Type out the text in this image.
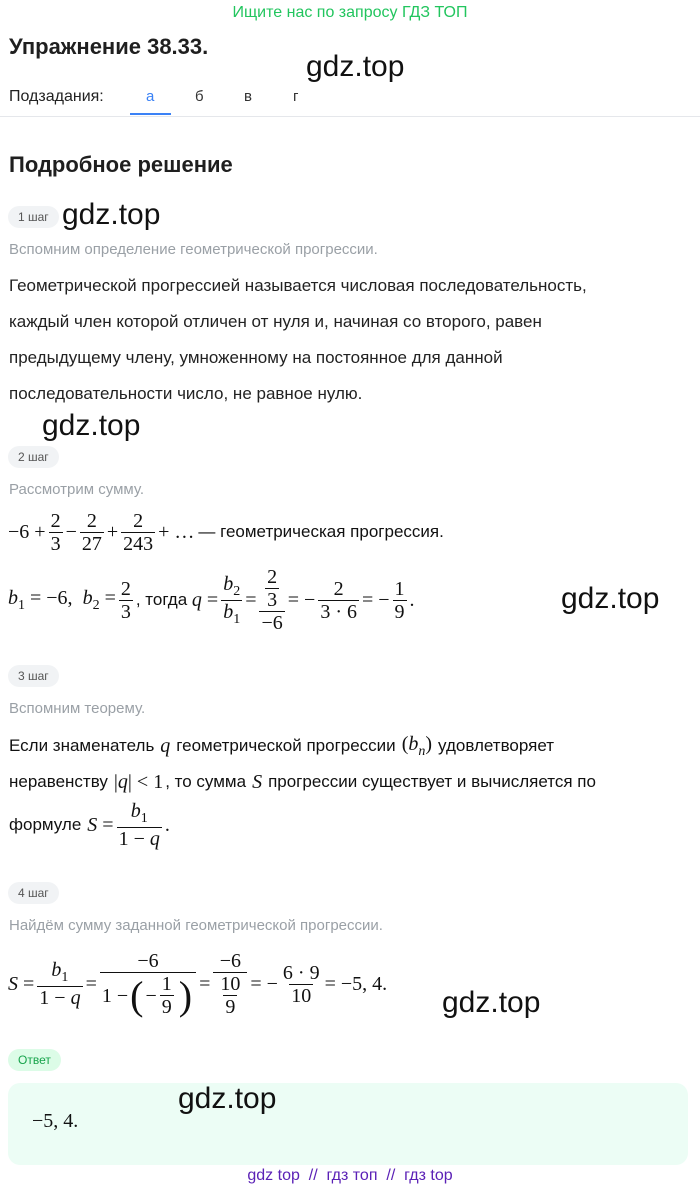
Ищите нас по запросу ГДЗ ТОП
Упражнение 38.33.
gdz.top
Подзадания:	а	б	в	г
Подробное решение
1 шаг gdz.top
Вспомним определение геометрической прогрессии.
Геометрической прогрессией называется числовая последовательность,
каждый член которой отличен от нуля и, начиная со второго, равен
предыдущему члену, умноженному на постоянное для данной
последовательности число, не равное нулю.
gdz.top
2 шаг
Рассмотрим сумму.
$-6 + \frac{2}{3} - \frac{2}{27} + \frac{2}{243}$ + … — геометрическая прогрессия.
$b_1 = -6$,  $b_2 = \frac{2}{3}$ , тогда $q = \frac{b_2}{b_1} = \frac{\frac{2}{3}}{-6}$ = − $\frac{2}{3 \cdot 6}$ = − $\frac{1}{9}$ .	gdz.top
3 шаг
Вспомним теорему.
Если знаменатель q геометрической прогрессии $(b_n)$ удовлетворяет
неравенству |q| < 1 , то сумма S прогрессии существует и вычисляется по
формуле $S = \frac{b_1}{1 - q}$ .
4 шаг
Найдём сумму заданной геометрической прогрессии.
$S = \frac{b_1}{1 - q} = \frac{-6}{1 - ( - \frac{1}{9} )} = \frac{-6}{\frac{10}{9}}$ = − $\frac{6 \cdot 9}{10} = -5$, 4.
gdz.top
Ответ
−5, 4.
gdz.top
gdz top  //  гдз топ  //  гдз top
